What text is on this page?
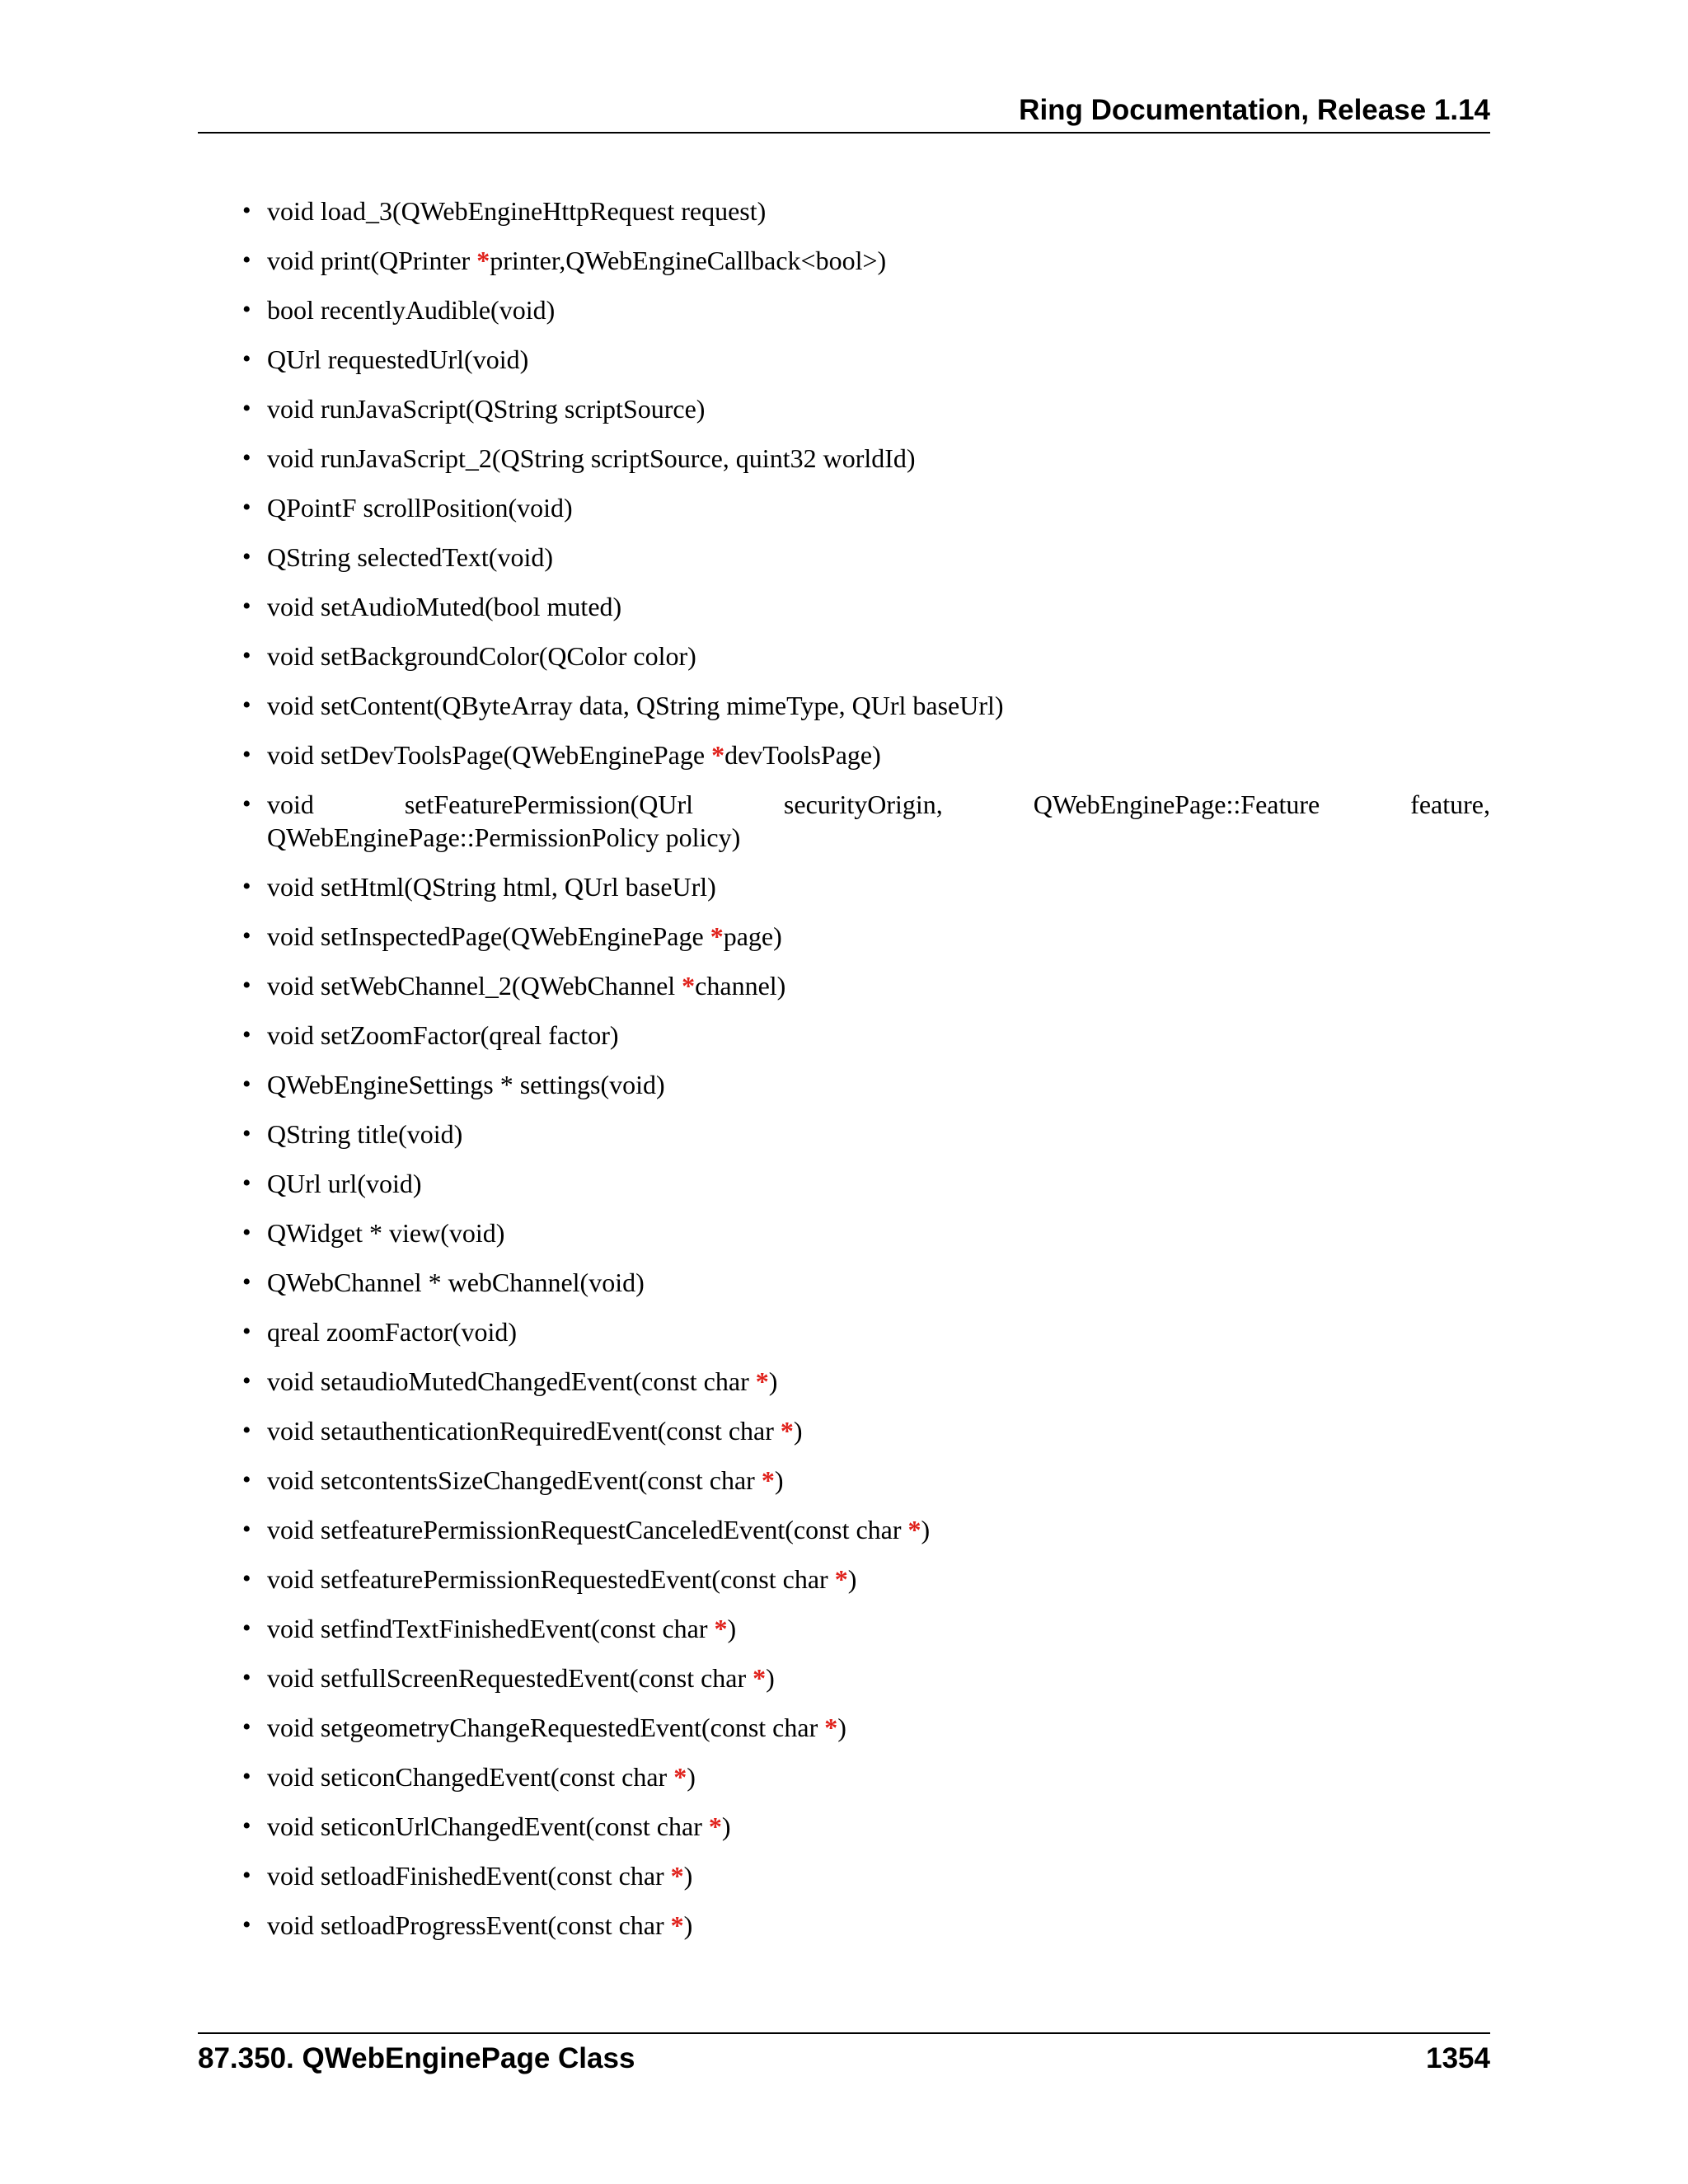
Ring Documentation, Release 1.14
• void load_3(QWebEngineHttpRequest request)
• void print(QPrinter *printer,QWebEngineCallback<bool>)
• bool recentlyAudible(void)
• QUrl requestedUrl(void)
• void runJavaScript(QString scriptSource)
• void runJavaScript_2(QString scriptSource, quint32 worldId)
• QPointF scrollPosition(void)
• QString selectedText(void)
• void setAudioMuted(bool muted)
• void setBackgroundColor(QColor color)
• void setContent(QByteArray data, QString mimeType, QUrl baseUrl)
• void setDevToolsPage(QWebEnginePage *devToolsPage)
• void setFeaturePermission(QUrl securityOrigin, QWebEnginePage::Feature feature, QWebEnginePage::PermissionPolicy policy)
• void setHtml(QString html, QUrl baseUrl)
• void setInspectedPage(QWebEnginePage *page)
• void setWebChannel_2(QWebChannel *channel)
• void setZoomFactor(qreal factor)
• QWebEngineSettings * settings(void)
• QString title(void)
• QUrl url(void)
• QWidget * view(void)
• QWebChannel * webChannel(void)
• qreal zoomFactor(void)
• void setaudioMutedChangedEvent(const char *)
• void setauthenticationRequiredEvent(const char *)
• void setcontentsSizeChangedEvent(const char *)
• void setfeaturePermissionRequestCanceledEvent(const char *)
• void setfeaturePermissionRequestedEvent(const char *)
• void setfindTextFinishedEvent(const char *)
• void setfullScreenRequestedEvent(const char *)
• void setgeometryChangeRequestedEvent(const char *)
• void seticonChangedEvent(const char *)
• void seticonUrlChangedEvent(const char *)
• void setloadFinishedEvent(const char *)
• void setloadProgressEvent(const char *)
87.350. QWebEnginePage Class	1354
